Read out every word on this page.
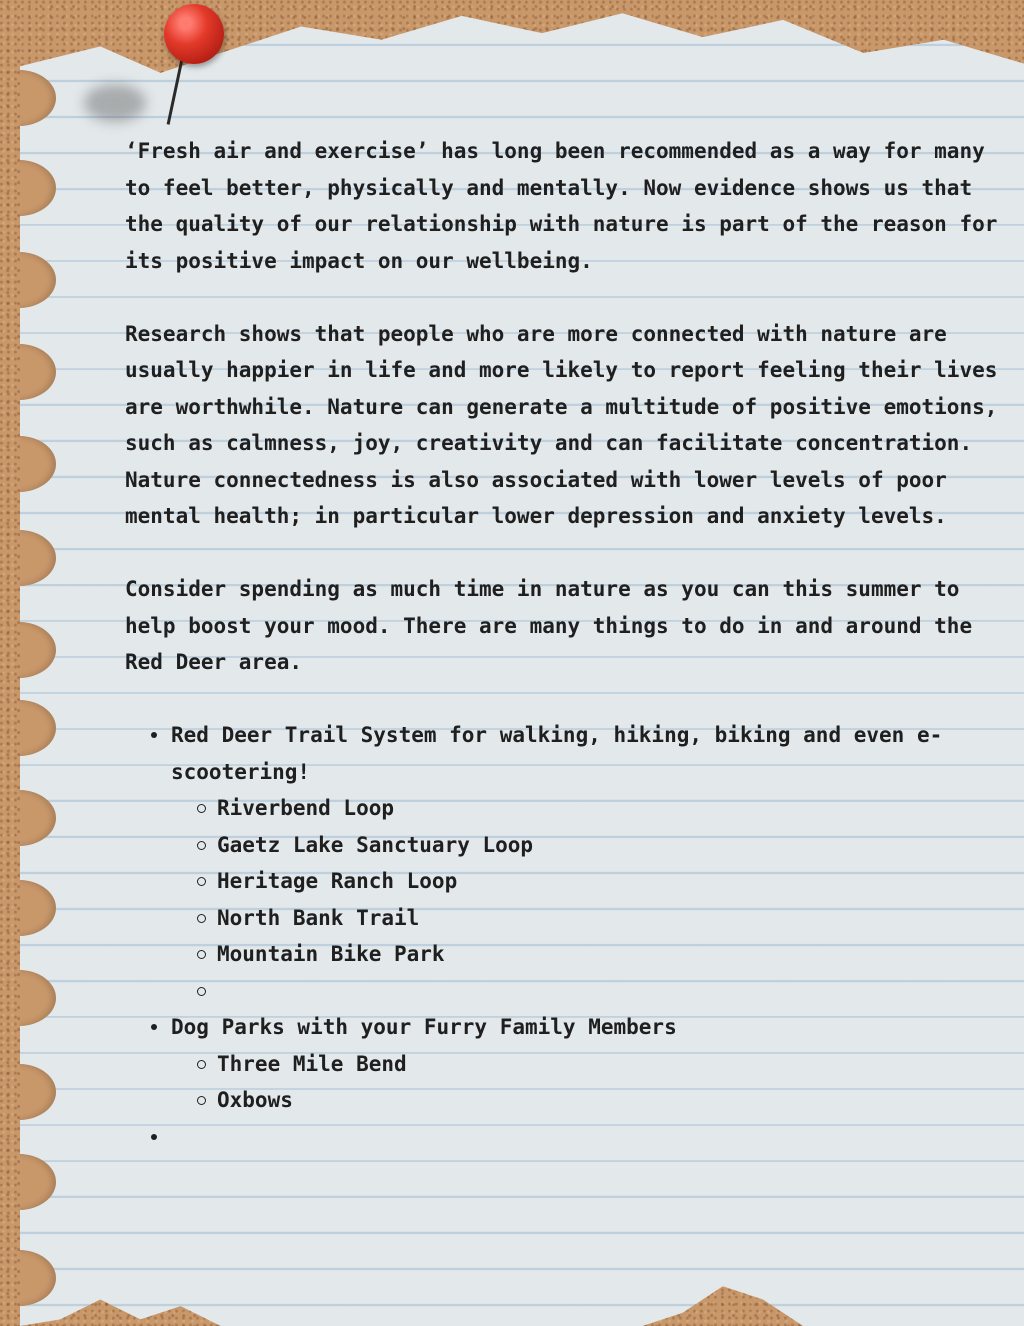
‘Fresh air and exercise’ has long been recommended as a way for many to feel better, physically and mentally. Now evidence shows us that the quality of our relationship with nature is part of the reason for its positive impact on our wellbeing.

Research shows that people who are more connected with nature are usually happier in life and more likely to report feeling their lives are worthwhile. Nature can generate a multitude of positive emotions, such as calmness, joy, creativity and can facilitate concentration. Nature connectedness is also associated with lower levels of poor mental health; in particular lower depression and anxiety levels.

Consider spending as much time in nature as you can this summer to help boost your mood. There are many things to do in and around the Red Deer area.

Red Deer Trail System for walking, hiking, biking and even e-scootering!
Riverbend Loop
Gaetz Lake Sanctuary Loop
Heritage Ranch Loop
North Bank Trail
Mountain Bike Park
Dog Parks with your Furry Family Members
Three Mile Bend
Oxbows
